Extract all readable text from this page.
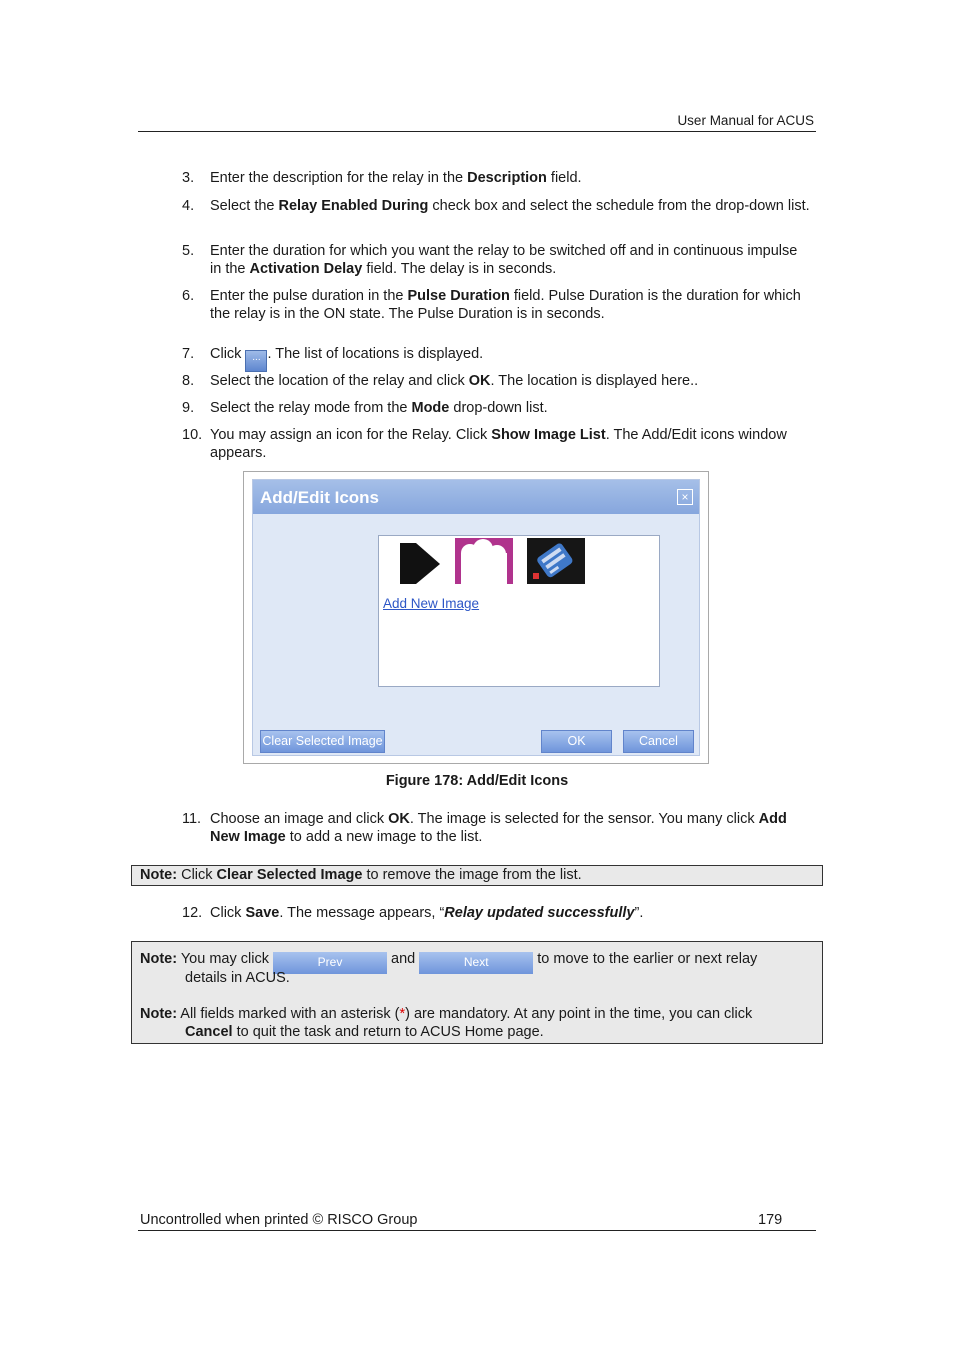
User Manual for ACUS
3.	Enter the description for the relay in the Description field.
4.	Select the Relay Enabled During check box and select the schedule from the drop-down list.
5.	Enter the duration for which you want the relay to be switched off and in continuous impulse in the Activation Delay field. The delay is in seconds.
6.	Enter the pulse duration in the Pulse Duration field. Pulse Duration is the duration for which the relay is in the ON state. The Pulse Duration is in seconds.
7.	Click ... . The list of locations is displayed.
8.	Select the location of the relay and click OK. The location is displayed here..
9.	Select the relay mode from the Mode drop-down list.
10. You may assign an icon for the Relay. Click Show Image List. The Add/Edit icons window appears.
Add/Edit Icons	×
Add New Image
Clear Selected Image	OK	Cancel
Figure 178: Add/Edit Icons
11. Choose an image and click OK. The image is selected for the sensor. You many click Add New Image to add a new image to the list.
Note: Click Clear Selected Image to remove the image from the list.
12. Click Save. The message appears, “Relay updated successfully”.
Note: You may click	Prev	and	Next	to move to the earlier or next relay
details in ACUS.
Note: All fields marked with an asterisk (*) are mandatory. At any point in the time, you can click
Cancel to quit the task and return to ACUS Home page.
Uncontrolled when printed © RISCO Group	179
